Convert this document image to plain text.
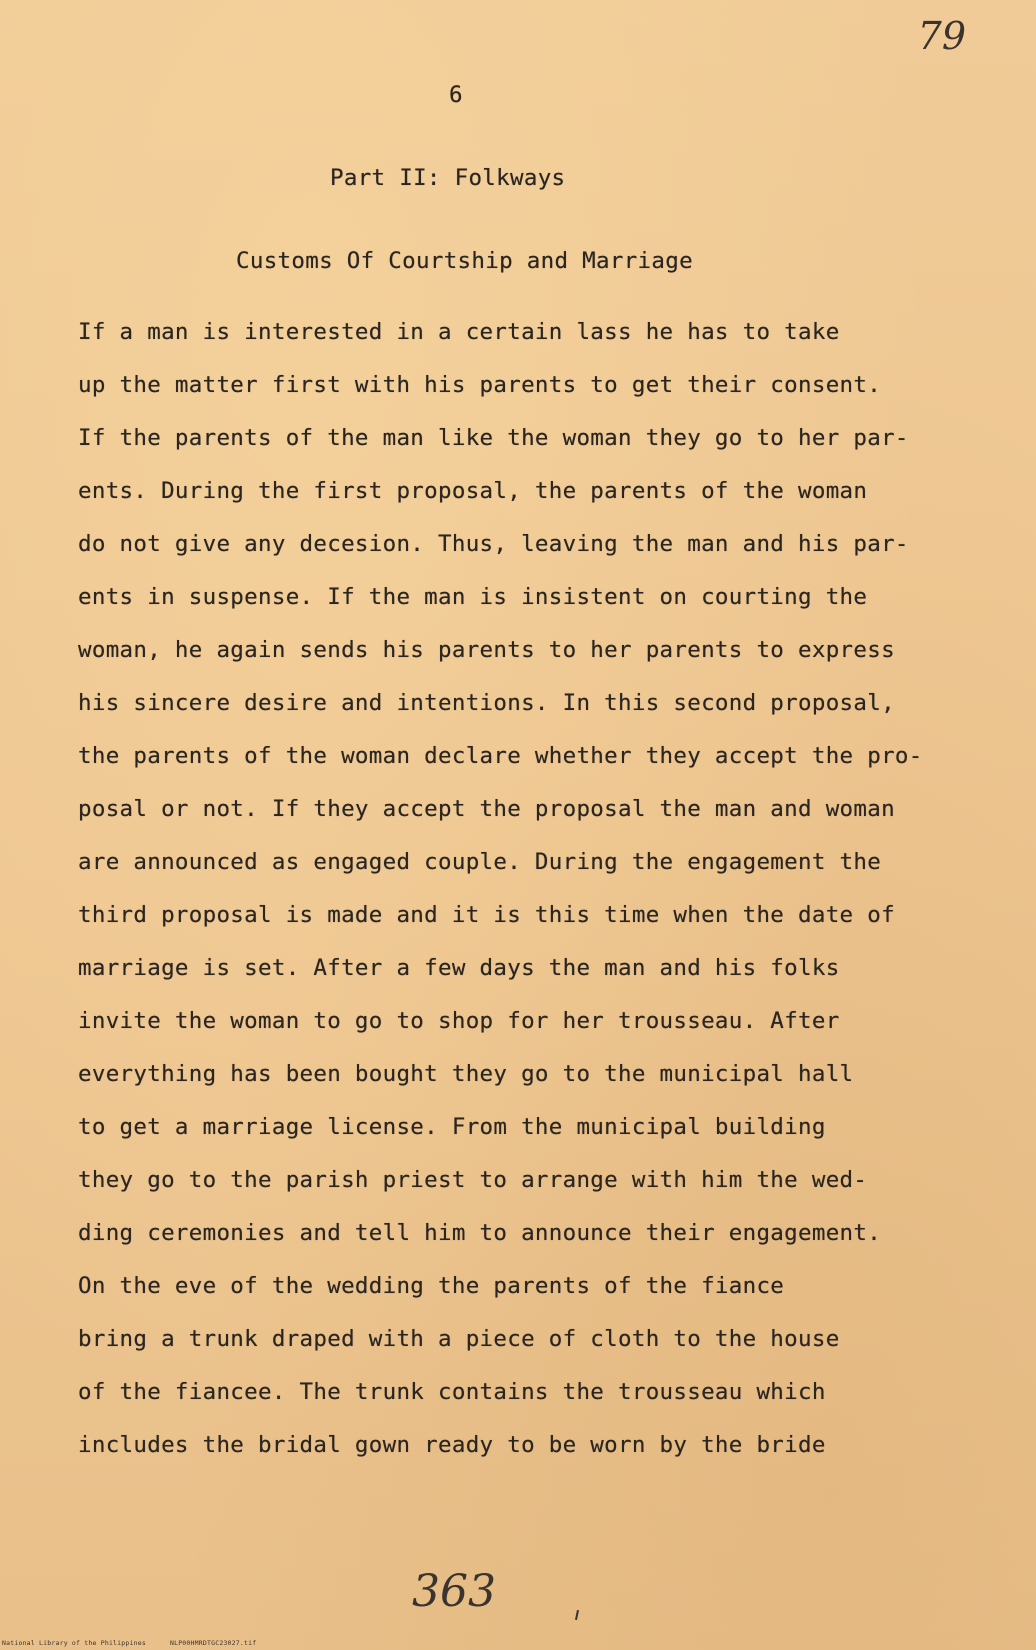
79
6
Part II: Folkways
Customs Of Courtship and Marriage
If a man is interested in a certain lass he has to take
up the matter first with his parents to get their consent.
If the parents of the man like the woman they go to her par-
ents. During the first proposal, the parents of the woman
do not give any decesion. Thus, leaving the man and his par-
ents in suspense. If the man is insistent on courting the
woman, he again sends his parents to her parents to express
his sincere desire and intentions. In this second proposal,
the parents of the woman declare whether they accept the pro-
posal or not. If they accept the proposal the man and woman
are announced as engaged couple. During the engagement the
third proposal is made and it is this time when the date of
marriage is set. After a few days the man and his folks
invite the woman to go to shop for her trousseau. After
everything has been bought they go to the municipal hall
to get a marriage license. From the municipal building
they go to the parish priest to arrange with him the wed-
ding ceremonies and tell him to announce their engagement.
On the eve of the wedding the parents of the fiance
bring a trunk draped with a piece of cloth to the house
of the fiancee. The trunk contains the trousseau which
includes the bridal gown ready to be worn by the bride
363
National Library of the Philippines	NLP00HMRDTGC23027.tif
